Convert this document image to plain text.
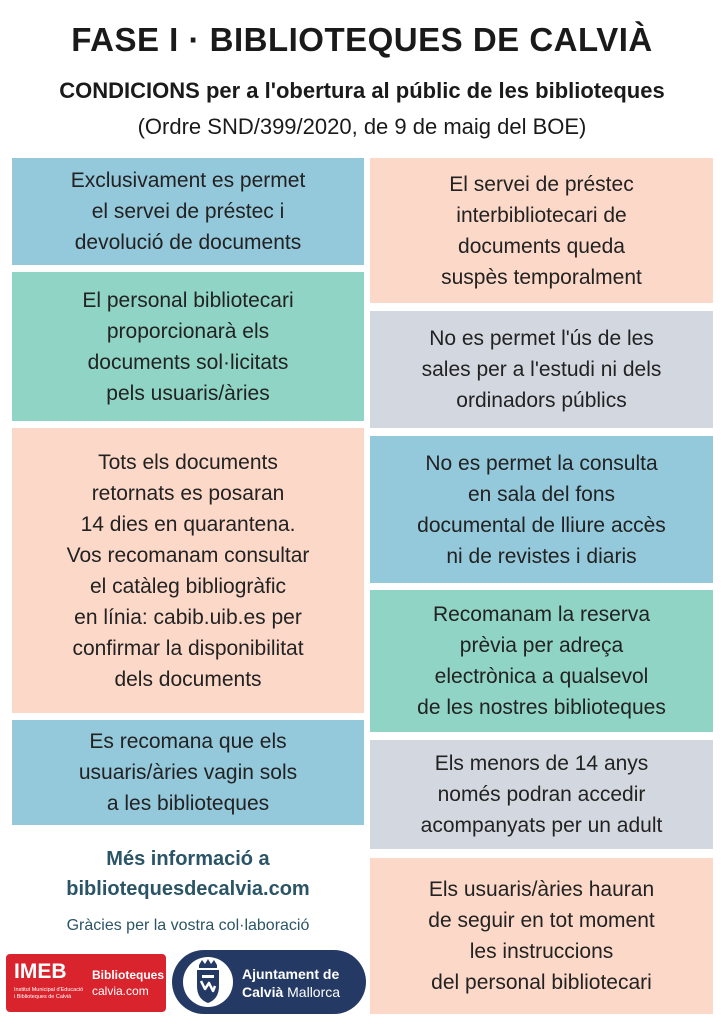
FASE I · BIBLIOTEQUES DE CALVIÀ
CONDICIONS per a l'obertura al públic de les biblioteques
(Ordre SND/399/2020, de 9 de maig del BOE)
Exclusivament es permet
el servei de préstec i
devolució de documents
El personal bibliotecari
proporcionarà els
documents sol·licitats
pels usuaris/àries
Tots els documents
retornats es posaran
14 dies en quarantena.
Vos recomanam consultar
el catàleg bibliogràfic
en línia: cabib.uib.es per
confirmar la disponibilitat
dels documents
Es recomana que els
usuaris/àries vagin sols
a les biblioteques
El servei de préstec
interbibliotecari de
documents queda
suspès temporalment
No es permet l'ús de les
sales per a l'estudi ni dels
ordinadors públics
No es permet la consulta
en sala del fons
documental de lliure accès
ni de revistes i diaris
Recomanam la reserva
prèvia per adreça
electrònica a qualsevol
de les nostres biblioteques
Els menors de 14 anys
només podran accedir
acompanyats per un adult
Els usuaris/àries hauran
de seguir en tot moment
les instruccions
del personal bibliotecari
Més informació a
bibliotequesdecalvia.com
Gràcies per la vostra col·laboració
IMEB
Institut Municipal d'Educació
i Biblioteques de Calvià
Biblioteques
calvia.com
Ajuntament de
Calvià Mallorca
